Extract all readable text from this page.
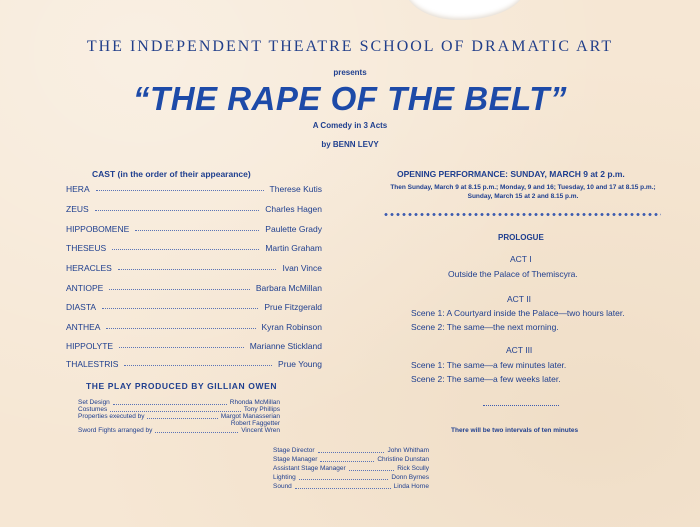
THE INDEPENDENT THEATRE SCHOOL OF DRAMATIC ART
presents
“THE RAPE OF THE BELT”
A Comedy in 3 Acts
by BENN LEVY
CAST (in the order of their appearance)
HERA	Therese Kutis
ZEUS	Charles Hagen
HIPPOBOMENE	Paulette Grady
THESEUS	Martin Graham
HERACLES	Ivan Vince
ANTIOPE	Barbara McMillan
DIASTA	Prue Fitzgerald
ANTHEA	Kyran Robinson
HIPPOLYTE	Marianne Stickland
THALESTRIS	Prue Young
THE PLAY PRODUCED BY GILLIAN OWEN
Set Design	Rhonda McMillan
Costumes	Tony Phillips
Properties executed by	Margot Manasserian
Robert Faggetter
Sword Fights arranged by	Vincent Wren
Stage Director	John Whitham
Stage Manager	Christine Dunstan
Assistant Stage Manager	Rick Scully
Lighting	Donn Byrnes
Sound	Linda Horne
OPENING PERFORMANCE: SUNDAY, MARCH 9 at 2 p.m.
Then Sunday, March 9 at 8.15 p.m.; Monday, 9 and 16; Tuesday, 10 and 17 at 8.15 p.m.; Sunday, March 15 at 2 and 8.15 p.m.
PROLOGUE
ACT I
Outside the Palace of Themiscyra.
ACT II
Scene 1: A Courtyard inside the Palace—two hours later.
Scene 2: The same—the next morning.
ACT III
Scene 1: The same—a few minutes later.
Scene 2: The same—a few weeks later.
There will be two intervals of ten minutes
